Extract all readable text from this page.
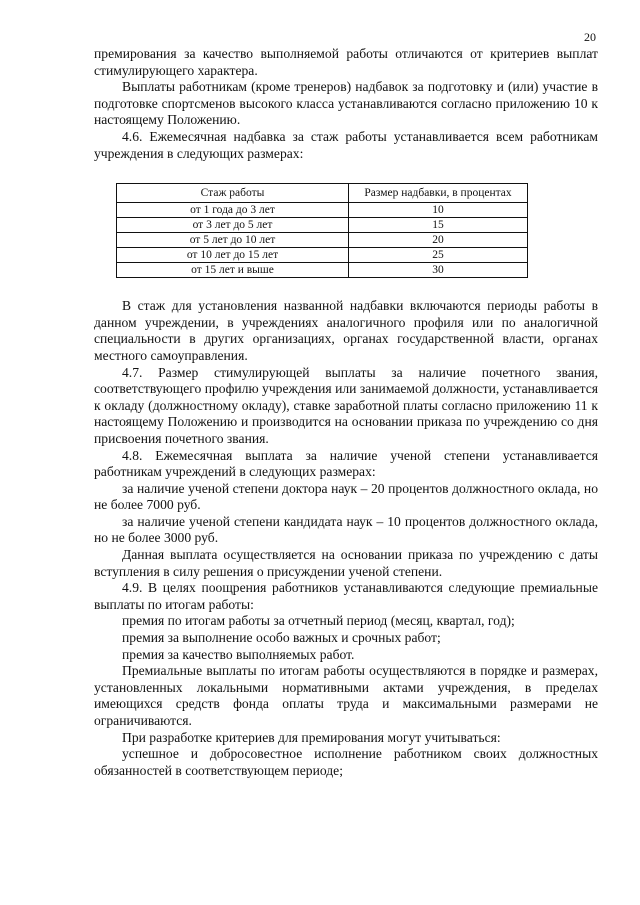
20

премирования за качество выполняемой работы отличаются от критериев выплат стимулирующего характера.

Выплаты работникам (кроме тренеров) надбавок за подготовку и (или) участие в подготовке спортсменов высокого класса устанавливаются согласно приложению 10 к настоящему Положению.

4.6. Ежемесячная надбавка за стаж работы устанавливается всем работникам учреждения в следующих размерах:

Стаж работы	Размер надбавки, в процентах
от 1 года до 3 лет	10
от 3 лет до 5 лет	15
от 5 лет до 10 лет	20
от 10 лет до 15 лет	25
от 15 лет и выше	30

В стаж для установления названной надбавки включаются периоды работы в данном учреждении, в учреждениях аналогичного профиля или по аналогичной специальности в других организациях, органах государственной власти, органах местного самоуправления.

4.7. Размер стимулирующей выплаты за наличие почетного звания, соответствующего профилю учреждения или занимаемой должности, устанавливается к окладу (должностному окладу), ставке заработной платы согласно приложению 11 к настоящему Положению и производится на основании приказа по учреждению со дня присвоения почетного звания.

4.8. Ежемесячная выплата за наличие ученой степени устанавливается работникам учреждений в следующих размерах:

за наличие ученой степени доктора наук – 20 процентов должностного оклада, но не более 7000 руб.

за наличие ученой степени кандидата наук – 10 процентов должностного оклада, но не более 3000 руб.

Данная выплата осуществляется на основании приказа по учреждению с даты вступления в силу решения о присуждении ученой степени.

4.9. В целях поощрения работников устанавливаются следующие премиальные выплаты по итогам работы:

премия по итогам работы за отчетный период (месяц, квартал, год);

премия за выполнение особо важных и срочных работ;

премия за качество выполняемых работ.

Премиальные выплаты по итогам работы осуществляются в порядке и размерах, установленных локальными нормативными актами учреждения, в пределах имеющихся средств фонда оплаты труда и максимальными размерами не ограничиваются.

При разработке критериев для премирования могут учитываться:

успешное и добросовестное исполнение работником своих должностных обязанностей в соответствующем периоде;
